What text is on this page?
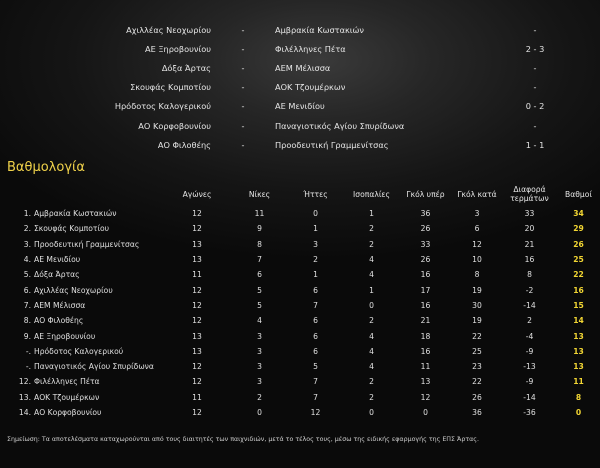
Αχιλλέας Νεοχωρίου	-	Αμβρακία Κωστακιών	-
ΑΕ Ξηροβουνίου	-	Φιλέλληνες Πέτα	2 - 3
Δόξα Άρτας	-	ΑΕΜ Μέλισσα	-
Σκουφάς Κομποτίου	-	ΑΟΚ Τζουμέρκων	-
Ηρόδοτος Καλογερικού	-	ΑΕ Μενιδίου	0 - 2
ΑΟ Κορφοβουνίου	-	Παναγιοτικός Αγίου Σπυρίδωνα	-
ΑΟ Φιλοθέης	-	Προοδευτική Γραμμενίτσας	1 - 1
Βαθμολογία
		Αγώνες	Νίκες	Ήττες	Ισοπαλίες	Γκόλ υπέρ	Γκόλ κατά	Διαφορά
τερμάτων	Βαθμοί
1.	Αμβρακία Κωστακιών	12	11	0	1	36	3	33	34
2.	Σκουφάς Κομποτίου	12	9	1	2	26	6	20	29
3.	Προοδευτική Γραμμενίτσας	13	8	3	2	33	12	21	26
4.	ΑΕ Μενιδίου	13	7	2	4	26	10	16	25
5.	Δόξα Άρτας	11	6	1	4	16	8	8	22
6.	Αχιλλέας Νεοχωρίου	12	5	6	1	17	19	-2	16
7.	ΑΕΜ Μέλισσα	12	5	7	0	16	30	-14	15
8.	ΑΟ Φιλοθέης	12	4	6	2	21	19	2	14
9.	ΑΕ Ξηροβουνίου	13	3	6	4	18	22	-4	13
-.	Ηρόδοτος Καλογερικού	13	3	6	4	16	25	-9	13
-.	Παναγιοτικός Αγίου Σπυρίδωνα	12	3	5	4	11	23	-13	13
12.	Φιλέλληνες Πέτα	12	3	7	2	13	22	-9	11
13.	ΑΟΚ Τζουμέρκων	11	2	7	2	12	26	-14	8
14.	ΑΟ Κορφοβουνίου	12	0	12	0	0	36	-36	0
Σημείωση: Τα αποτελέσματα καταχωρούνται από τους διαιτητές των παιχνιδιών, μετά το τέλος τους, μέσω της ειδικής εφαρμογής της ΕΠΣ Άρτας.
